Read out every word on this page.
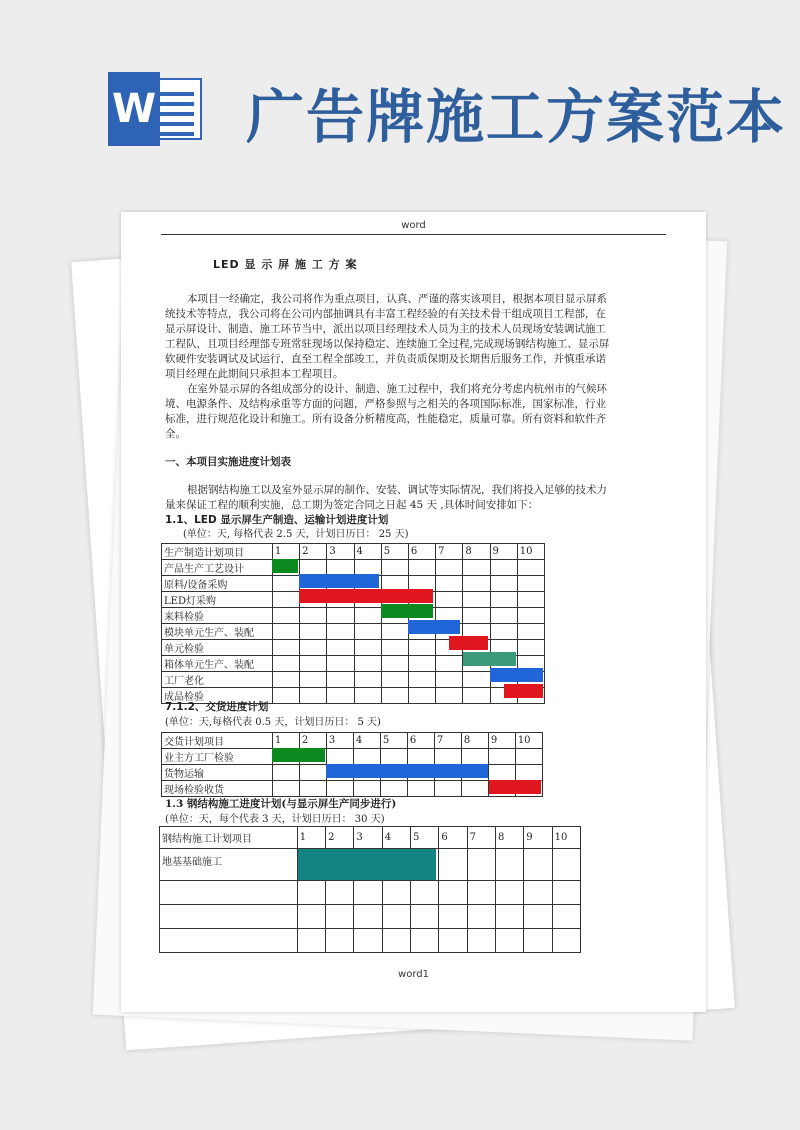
W 广告牌施工方案范本
word
LED 显 示 屏 施 工 方 案
本项目一经确定，我公司将作为重点项目，认真、严谨的落实该项目，根据本项目显示屏系
统技术等特点，我公司将在公司内部抽调具有丰富工程经验的有关技术骨干组成项目工程部，在
显示屏设计、制造、施工环节当中，派出以项目经理技术人员为主的技术人员现场安装调试施工
工程队，且项目经理部专班常驻现场以保持稳定、连续施工全过程,完成现场钢结构施工、显示屏
软硬件安装调试及试运行，直至工程全部竣工，并负责质保期及长期售后服务工作，并慎重承诺
项目经理在此期间只承担本工程项目。
在室外显示屏的各组成部分的设计、制造、施工过程中，我们将充分考虑内杭州市的气候环
境、电源条件、及结构承重等方面的问题，严格参照与之相关的各项国际标准，国家标准，行业
标准，进行规范化设计和施工。所有设备分析精度高，性能稳定，质量可靠。所有资料和软件齐
全。
一、本项目实施进度计划表
根据钢结构施工以及室外显示屏的制作、安装、调试等实际情况，我们将投入足够的技术力
量来保证工程的顺利实施，总工期为签定合同之日起 45 天 ,具体时间安排如下：
1.1、LED 显示屏生产制造、运输计划进度计划
(单位：天, 每格代表 2.5 天，计划日历日： 25 天)
生产制造计划项目	1	2	3	4	5	6	7	8	9	10
产品生产工艺设计										
原料/设备采购										
LED灯采购										
来料检验										
模块单元生产、装配										
单元检验										
箱体单元生产、装配										
工厂老化										
成品检验										
7.1.2、交货进度计划
(单位：天,每格代表 0.5 天，计划日历日： 5 天)
交货计划项目	1	2	3	4	5	6	7	8	9	10
业主方工厂检验										
货物运输										
现场检验收货										
1.3 钢结构施工进度计划(与显示屏生产同步进行)
(单位：天，每个代表 3 天，计划日历日： 30 天)
钢结构施工计划项目	1	2	3	4	5	6	7	8	9	10
地基基础施工										

word1
